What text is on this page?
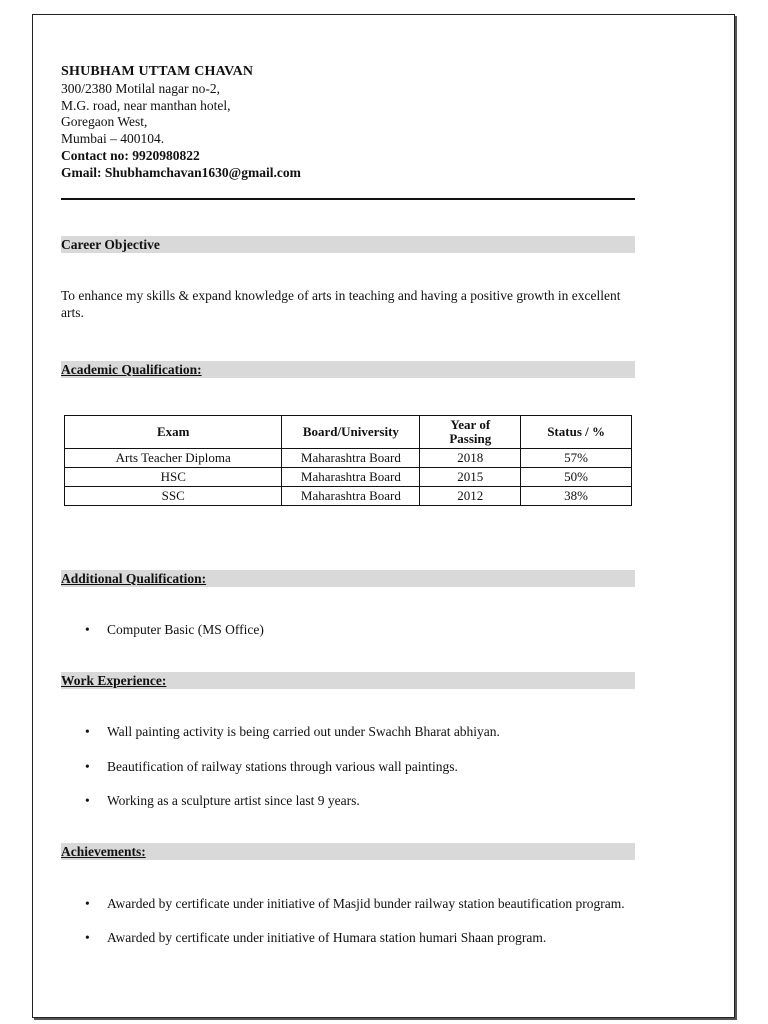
SHUBHAM UTTAM CHAVAN
300/2380 Motilal nagar no-2,
M.G. road, near manthan hotel,
Goregaon West,
Mumbai – 400104.
Contact no: 9920980822
Gmail: Shubhamchavan1630@gmail.com
Career Objective
To enhance my skills & expand knowledge of arts in teaching and having a positive growth in excellent arts.
Academic Qualification:
Exam	Board/University	Year of Passing	Status / %
Arts Teacher Diploma	Maharashtra Board	2018	57%
HSC	Maharashtra Board	2015	50%
SSC	Maharashtra Board	2012	38%
Additional Qualification:
• Computer Basic (MS Office)
Work Experience:
• Wall painting activity is being carried out under Swachh Bharat abhiyan.
• Beautification of railway stations through various wall paintings.
• Working as a sculpture artist since last 9 years.
Achievements:
• Awarded by certificate under initiative of Masjid bunder railway station beautification program.
• Awarded by certificate under initiative of Humara station humari Shaan program.
